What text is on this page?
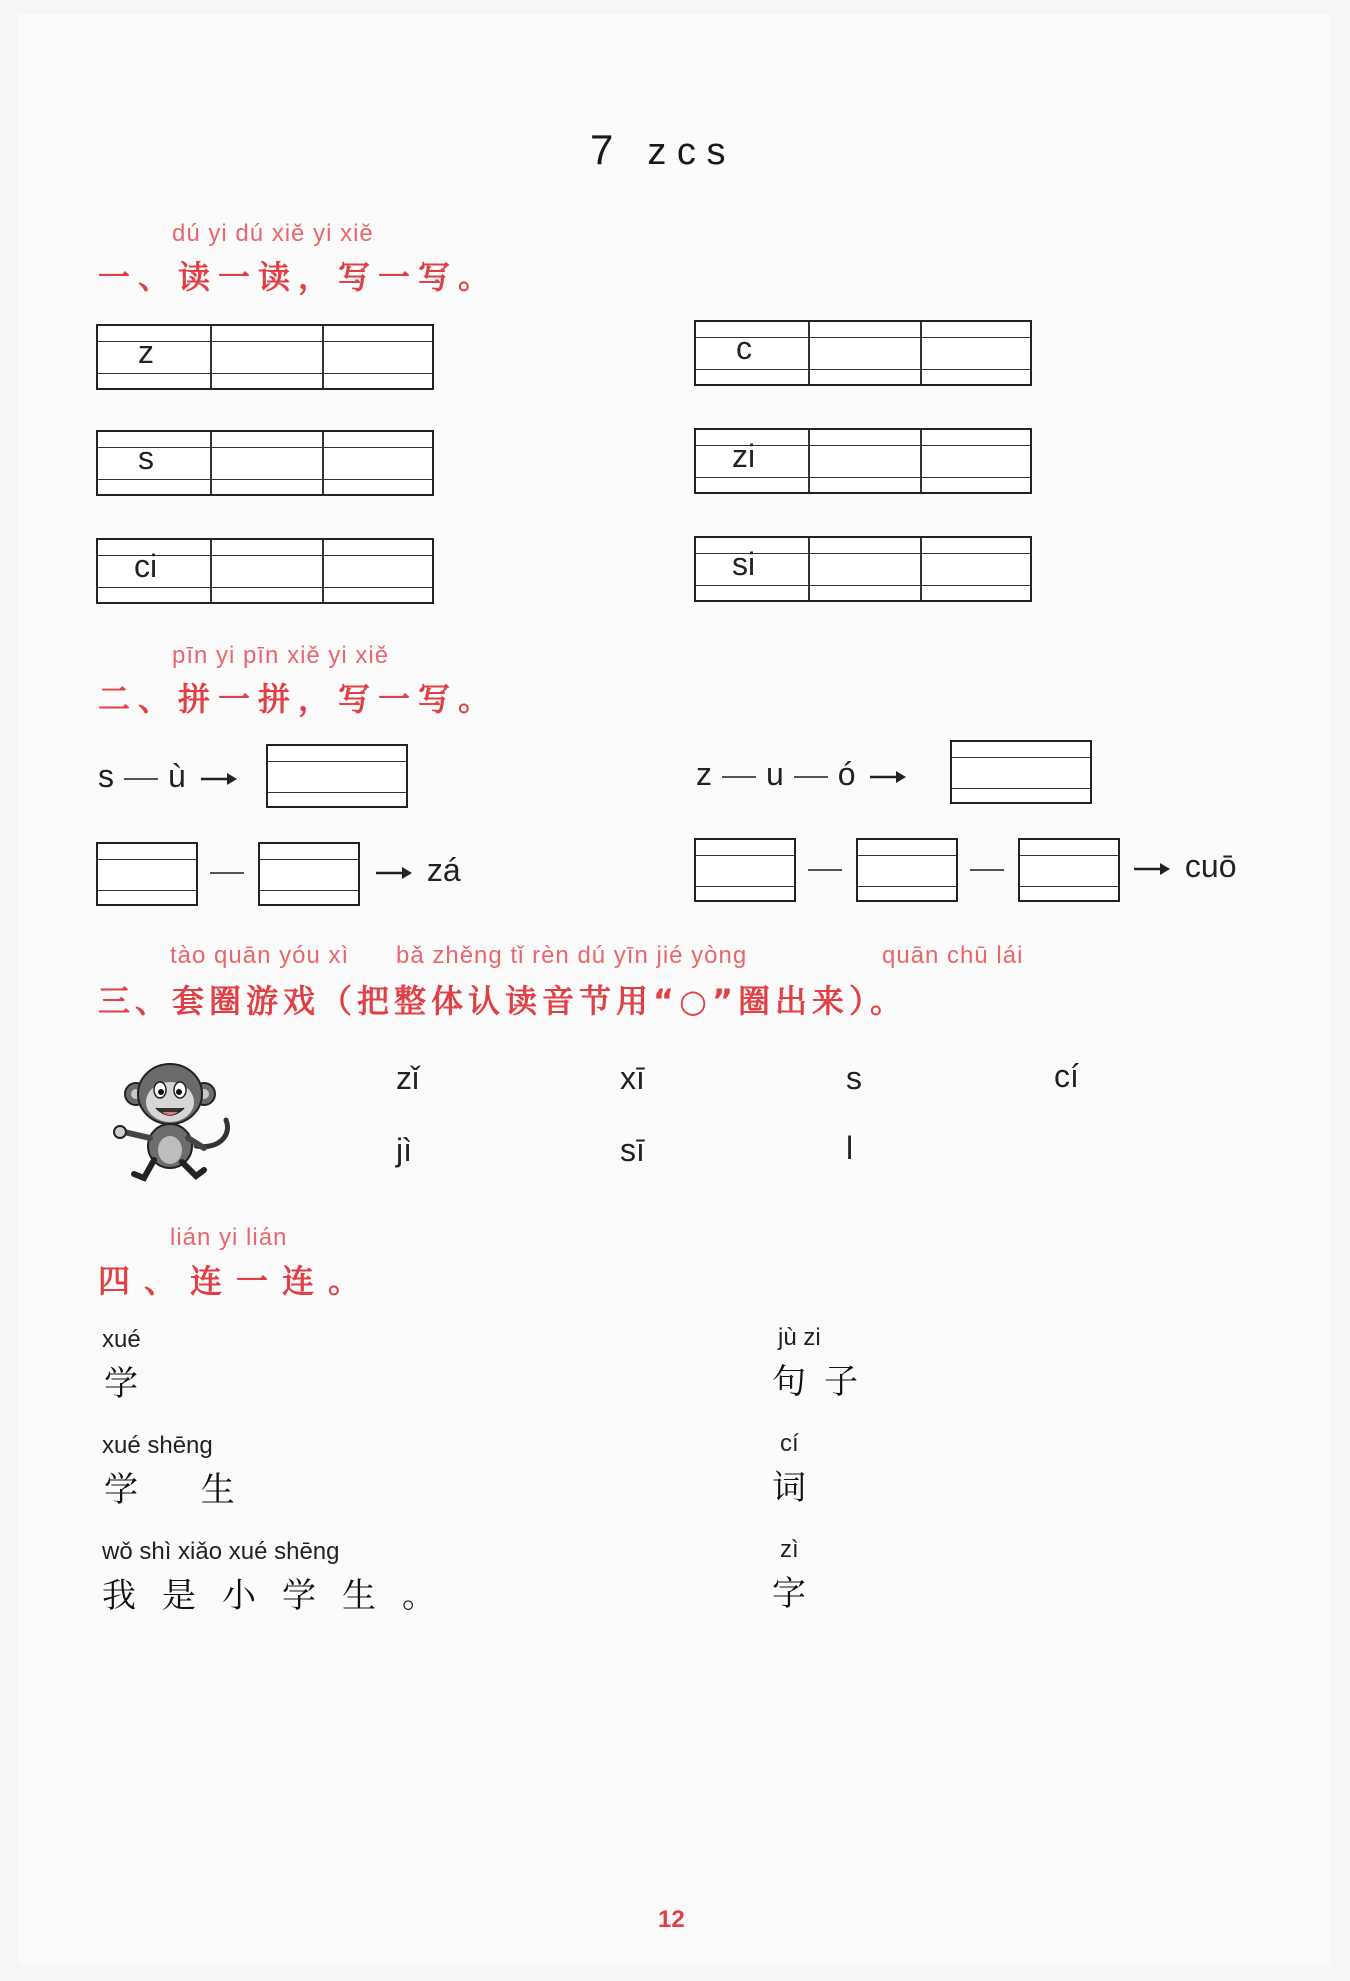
7 z c s
dú yi dú xiě yi xiě
一、读一读，写一写。
z	c
s	zi
ci	si
pīn yi pīn xiě yi xiě
二、拼一拼，写一写。
s ù	z u ó
zá	cuō
tào quān yóu xì bǎ zhěng tǐ rèn dú yīn jié yòng	quān chū lái
三、套圈游戏（把整体认读音节用“○”圈出来）。
zǐ	xī	s	cí
jì	sī	l
lián yi lián
四、连一连。
xué
学
xué shēng
学 生
wǒ shì xiǎo xué shēng
我是小学生。
jù zi
句子
cí
词
zì
字
12
